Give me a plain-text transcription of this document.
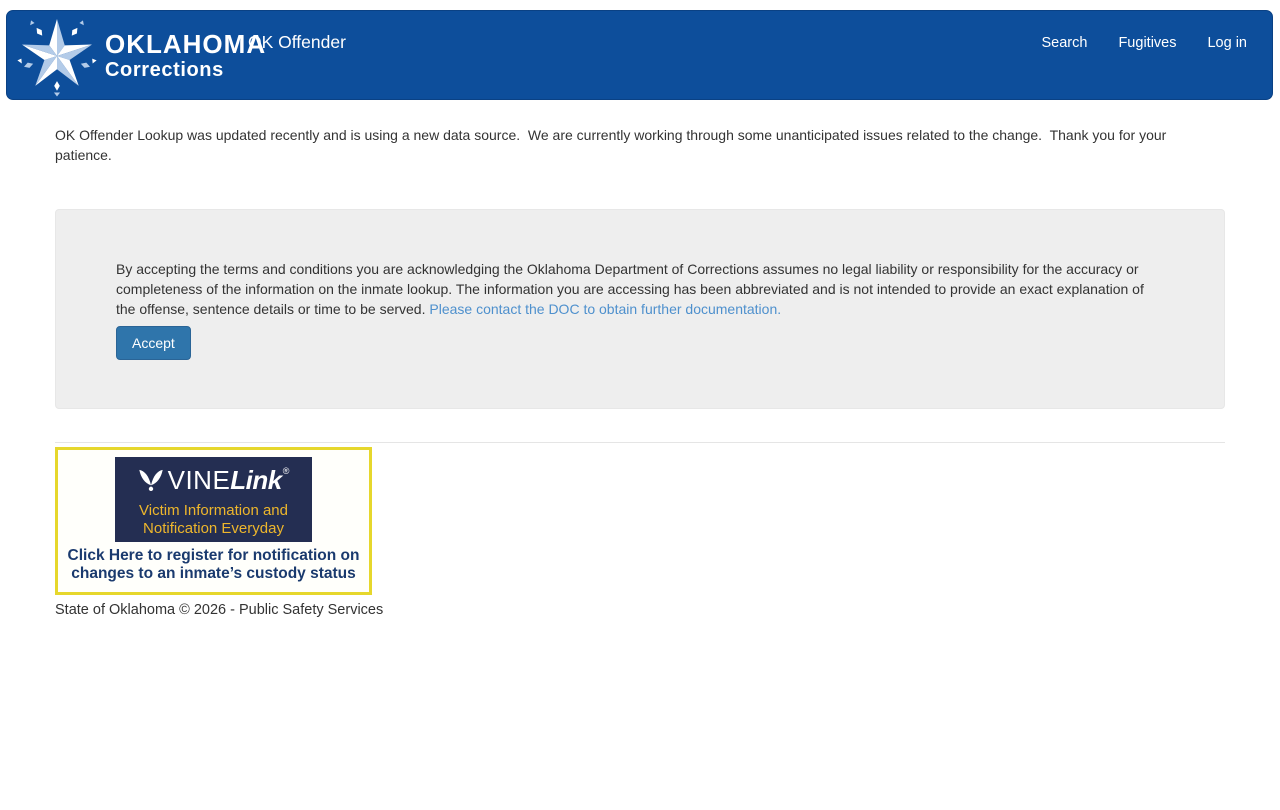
OKLAHOMA
Corrections
OK Offender	Search Fugitives Log in

OK Offender Lookup was updated recently and is using a new data source.  We are currently working through some unanticipated issues related to the change.  Thank you for your patience.

By accepting the terms and conditions you are acknowledging the Oklahoma Department of Corrections assumes no legal liability or responsibility for the accuracy or completeness of the information on the inmate lookup. The information you are accessing has been abbreviated and is not intended to provide an exact explanation of the offense, sentence details or time to be served. Please contact the DOC to obtain further documentation.

Accept
VINE Link ®
Victim Information and
Notification Everyday
Click Here to register for notification on
changes to an inmate’s custody status

State of Oklahoma © 2026 - Public Safety Services
